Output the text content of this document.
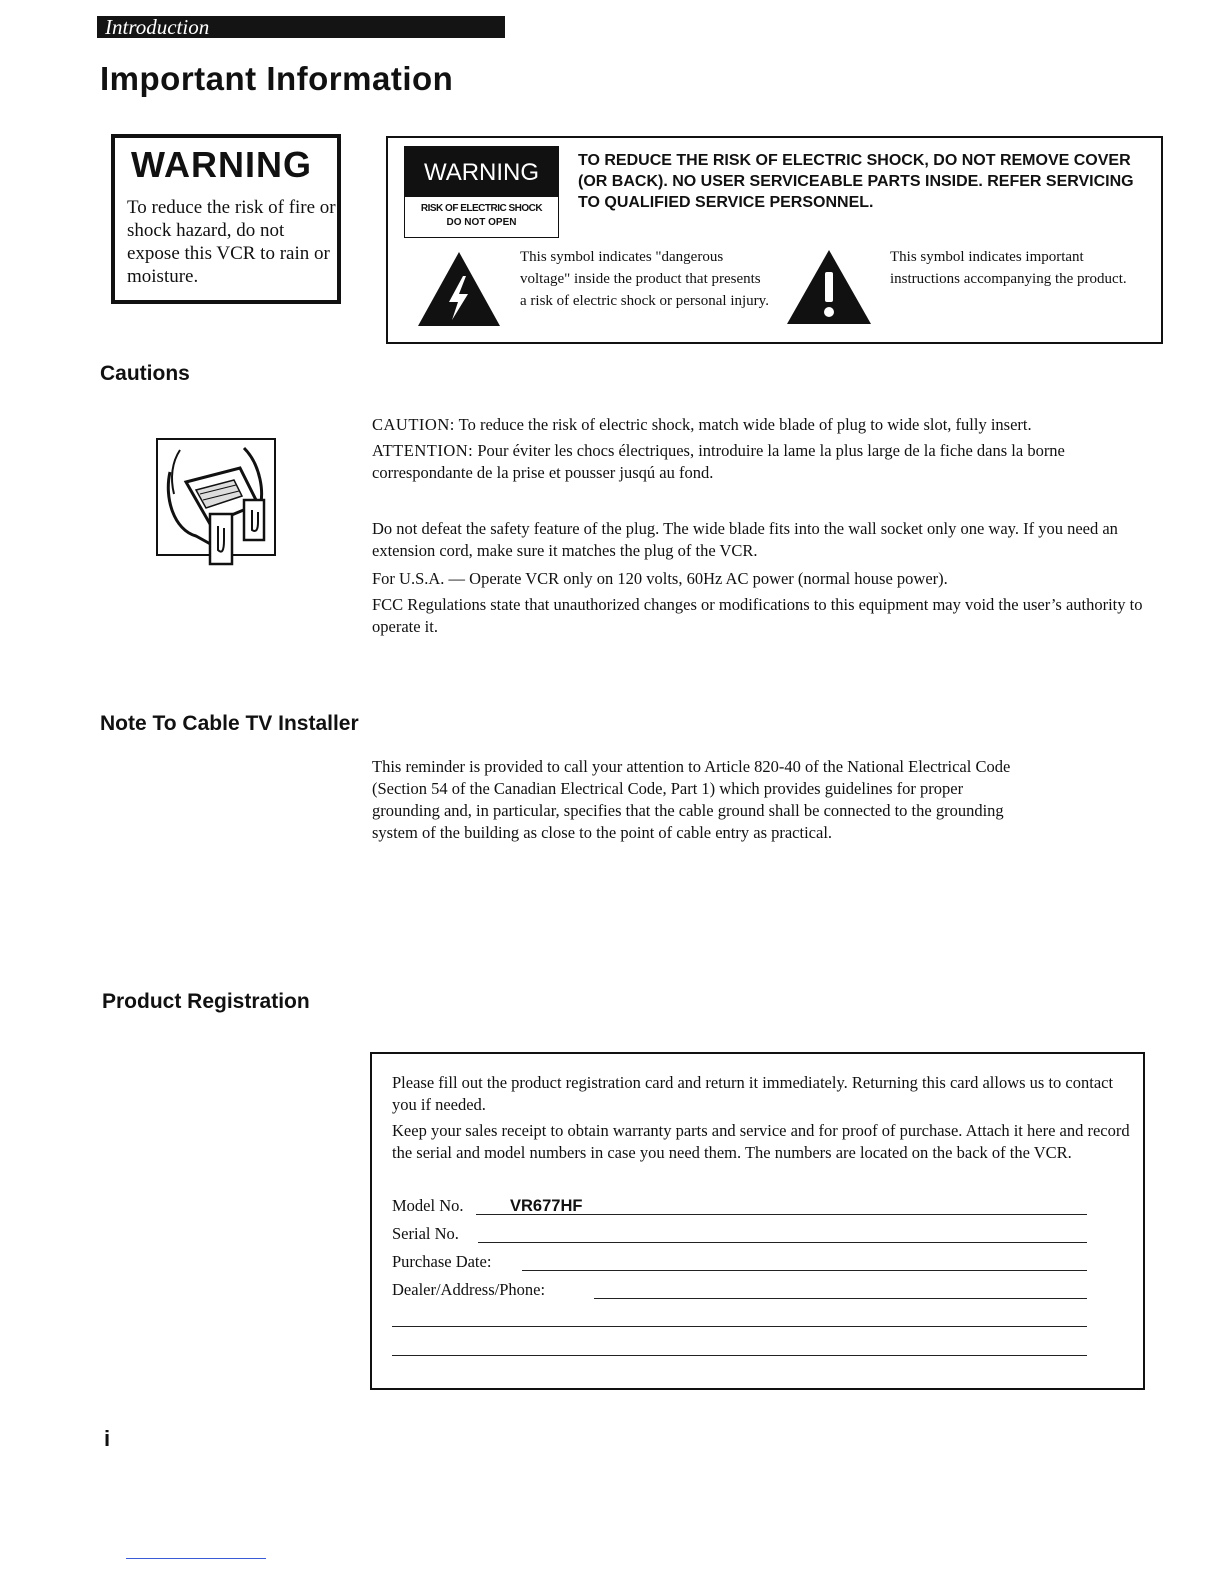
Introduction
Important Information
WARNING
To reduce the risk of fire or shock hazard, do not expose this VCR to rain or moisture.
WARNING
RISK OF ELECTRIC SHOCK
DO NOT OPEN
TO REDUCE THE RISK OF ELECTRIC SHOCK, DO NOT REMOVE COVER (OR BACK). NO USER SERVICEABLE PARTS INSIDE. REFER SERVICING TO QUALIFIED SERVICE PERSONNEL.
This symbol indicates "dangerous voltage" inside the product that presents a risk of electric shock or personal injury.
This symbol indicates important instructions accompanying the product.
Cautions
CAUTION: To reduce the risk of electric shock, match wide blade of plug to wide slot, fully insert.
ATTENTION: Pour éviter les chocs électriques, introduire la lame la plus large de la fiche dans la borne correspondante de la prise et pousser jusqú au fond.
Do not defeat the safety feature of the plug. The wide blade fits into the wall socket only one way. If you need an extension cord, make sure it matches the plug of the VCR.
For U.S.A. — Operate VCR only on 120 volts, 60Hz AC power (normal house power).
FCC Regulations state that unauthorized changes or modifications to this equipment may void the user’s authority to operate it.
Note To Cable TV Installer
This reminder is provided to call your attention to Article 820-40 of the National Electrical Code (Section 54 of the Canadian Electrical Code, Part 1) which provides guidelines for proper grounding and, in particular, specifies that the cable ground shall be connected to the grounding system of the building as close to the point of cable entry as practical.
Product Registration
Please fill out the product registration card and return it immediately. Returning this card allows us to contact you if needed.
Keep your sales receipt to obtain warranty parts and service and for proof of purchase. Attach it here and record the serial and model numbers in case you need them. The numbers are located on the back of the VCR.
Model No.	VR677HF
Serial No.
Purchase Date:
Dealer/Address/Phone:
i
